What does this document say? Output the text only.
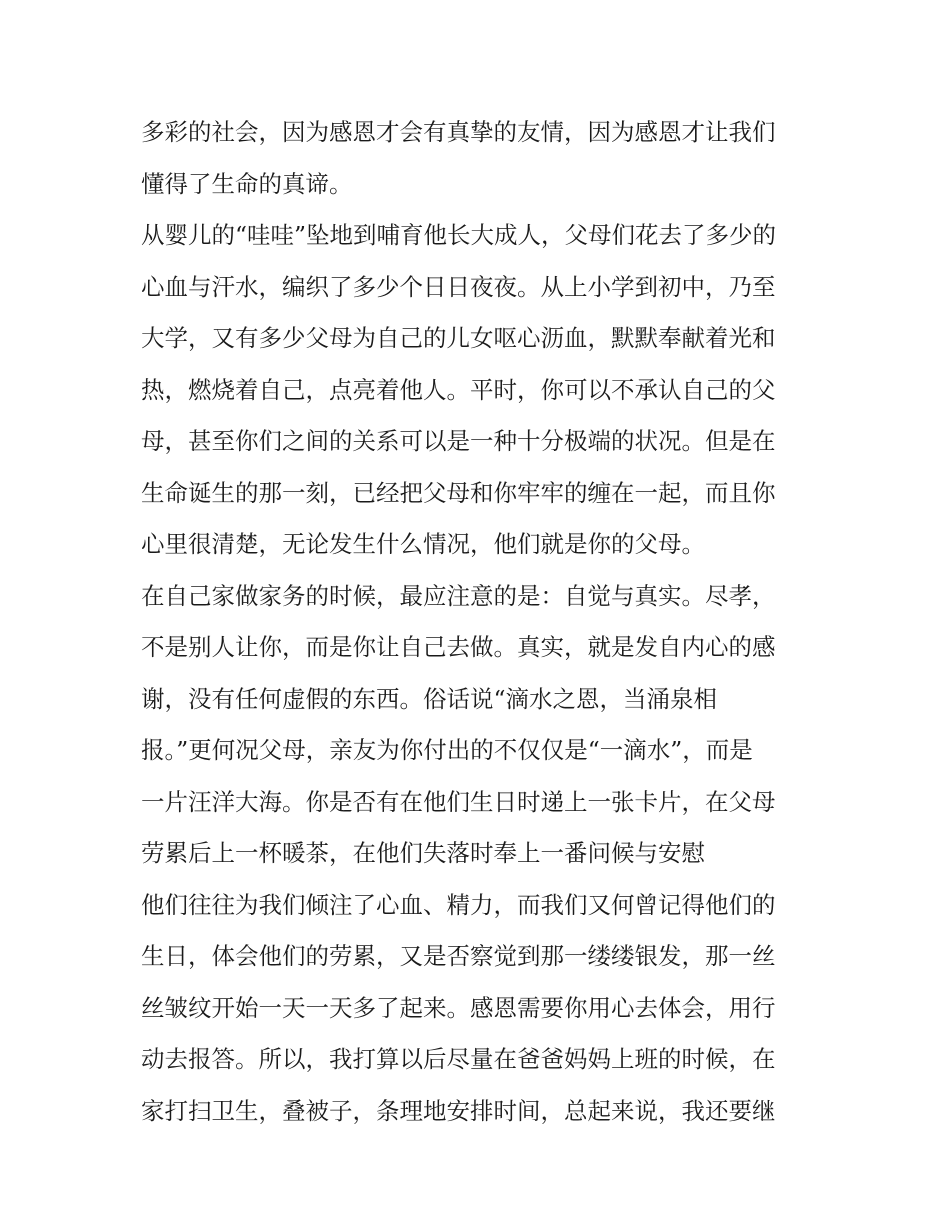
多彩的社会，因为感恩才会有真挚的友情，因为感恩才让我们
懂得了生命的真谛。
从婴儿的“哇哇”坠地到哺育他长大成人，父母们花去了多少的
心血与汗水，编织了多少个日日夜夜。从上小学到初中，乃至
大学，又有多少父母为自己的儿女呕心沥血，默默奉献着光和
热，燃烧着自己，点亮着他人。平时，你可以不承认自己的父
母，甚至你们之间的关系可以是一种十分极端的状况。但是在
生命诞生的那一刻，已经把父母和你牢牢的缠在一起，而且你
心里很清楚，无论发生什么情况，他们就是你的父母。
在自己家做家务的时候，最应注意的是：自觉与真实。尽孝，
不是别人让你，而是你让自己去做。真实，就是发自内心的感
谢，没有任何虚假的东西。俗话说“滴水之恩，当涌泉相
报。”更何况父母，亲友为你付出的不仅仅是“一滴水”，而是
一片汪洋大海。你是否有在他们生日时递上一张卡片，在父母
劳累后上一杯暖茶，在他们失落时奉上一番问候与安慰
他们往往为我们倾注了心血、精力，而我们又何曾记得他们的
生日，体会他们的劳累，又是否察觉到那一缕缕银发，那一丝
丝皱纹开始一天一天多了起来。感恩需要你用心去体会，用行
动去报答。所以，我打算以后尽量在爸爸妈妈上班的时候，在
家打扫卫生，叠被子，条理地安排时间，总起来说，我还要继
